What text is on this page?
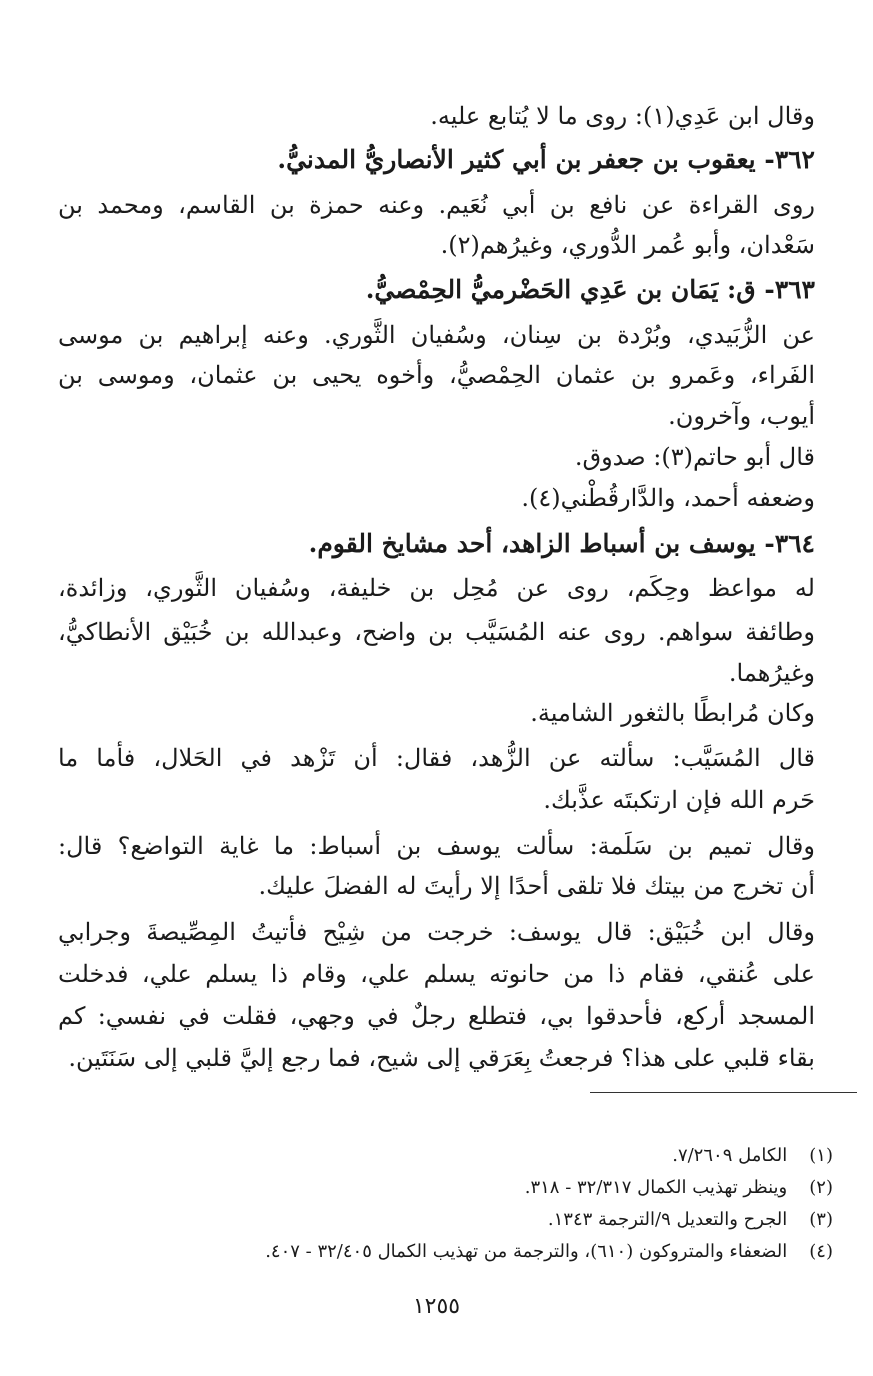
وقال ابن عَدِي(١): روى ما لا يُتابع عليه.
٣٦٢- يعقوب بن جعفر بن أبي كثير الأنصاريُّ المدنيُّ.
روى القراءة عن نافع بن أبي نُعَيم. وعنه حمزة بن القاسم، ومحمد بن
سَعْدان، وأبو عُمر الدُّوري، وغيرُهم(٢).
٣٦٣- ق: يَمَان بن عَدِي الحَضْرميُّ الحِمْصيُّ.
عن الزُّبَيدي، وبُرْدة بن سِنان، وسُفيان الثَّوري. وعنه إبراهيم بن موسى
الفَراء، وعَمرو بن عثمان الحِمْصيُّ، وأخوه يحيى بن عثمان، وموسى بن
أيوب، وآخرون.
قال أبو حاتم(٣): صدوق.
وضعفه أحمد، والدَّارقُطْني(٤).
٣٦٤- يوسف بن أسباط الزاهد، أحد مشايخ القوم.
له مواعظ وحِكَم، روى عن مُحِل بن خليفة، وسُفيان الثَّوري، وزائدة،
وطائفة سواهم. روى عنه المُسَيَّب بن واضح، وعبدالله بن خُبَيْق الأنطاكيُّ،
وغيرُهما.
وكان مُرابطًا بالثغور الشامية.
قال المُسَيَّب: سألته عن الزُّهد، فقال: أن تَزْهد في الحَلال، فأما ما
حَرم الله فإن ارتكبتَه عذَّبك.
وقال تميم بن سَلَمة: سألت يوسف بن أسباط: ما غاية التواضع؟ قال:
أن تخرج من بيتك فلا تلقى أحدًا إلا رأيتَ له الفضلَ عليك.
وقال ابن خُبَيْق: قال يوسف: خرجت من شِيْح فأتيتُ المِصِّيصةَ وجرابي
على عُنقي، فقام ذا من حانوته يسلم علي، وقام ذا يسلم علي، فدخلت
المسجد أركع، فأحدقوا بي، فتطلع رجلٌ في وجهي، فقلت في نفسي: كم
بقاء قلبي على هذا؟ فرجعتُ بِعَرَقي إلى شيح، فما رجع إليَّ قلبي إلى سَنَتَين.
(١) الكامل ٧/٢٦٠٩.
(٢) وينظر تهذيب الكمال ٣٢/٣١٧ - ٣١٨.
(٣) الجرح والتعديل ٩/الترجمة ١٣٤٣.
(٤) الضعفاء والمتروكون (٦١٠)، والترجمة من تهذيب الكمال ٣٢/٤٠٥ - ٤٠٧.
١٢٥٥
